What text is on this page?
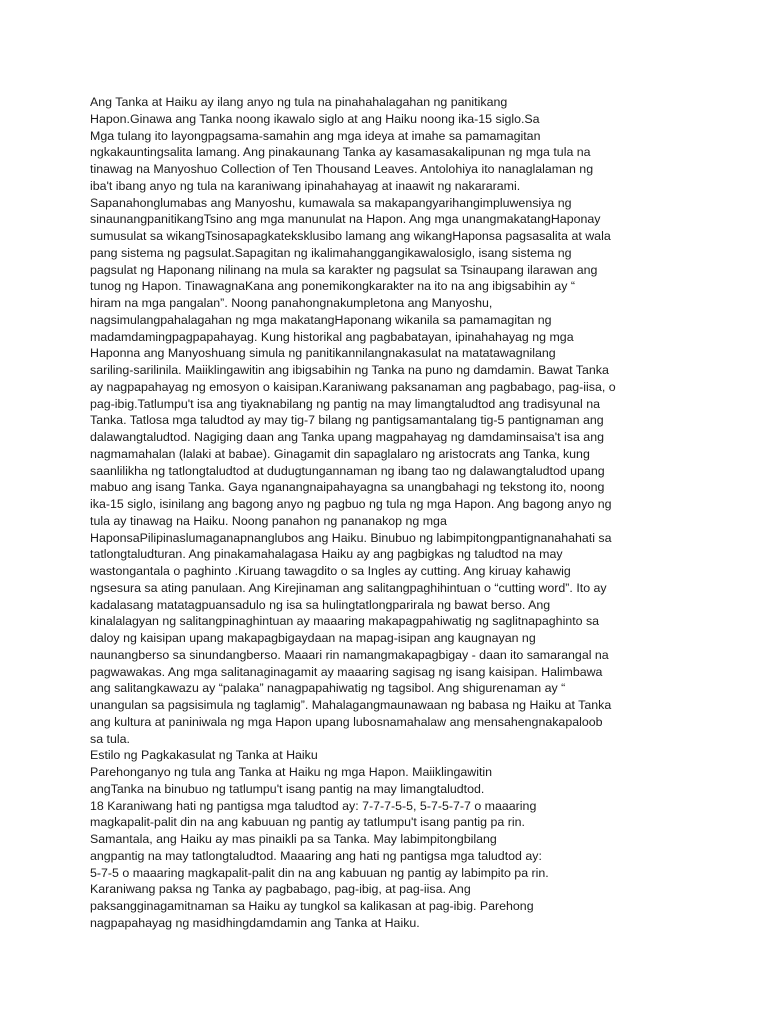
Ang Tanka at Haiku ay ilang anyo ng tula na pinahahalagahan ng panitikang
Hapon.Ginawa ang Tanka noong ikawalo siglo at ang Haiku noong ika-15 siglo.Sa
Mga tulang ito layongpagsama-samahin ang mga ideya at imahe sa pamamagitan
ngkakauntingsalita lamang. Ang pinakaunang Tanka ay kasamasakalipunan ng mga tula na
tinawag na Manyoshuo Collection of Ten Thousand Leaves. Antolohiya ito nanaglalaman ng
iba't ibang anyo ng tula na karaniwang ipinahahayag at inaawit ng nakararami.
Sapanahonglumabas ang Manyoshu, kumawala sa makapangyarihangimpluwensiya ng
sinaunangpanitikangTsino ang mga manunulat na Hapon. Ang mga unangmakatangHaponay
sumusulat sa wikangTsinosapagkateksklusibo lamang ang wikangHaponsa pagsasalita at wala
pang sistema ng pagsulat.Sapagitan ng ikalimahanggangikawalosiglo, isang sistema ng
pagsulat ng Haponang nilinang na mula sa karakter ng pagsulat sa Tsinaupang ilarawan ang
tunog ng Hapon. TinawagnaKana ang ponemikongkarakter na ito na ang ibigsabihin ay “
hiram na mga pangalan”. Noong panahongnakumpletona ang Manyoshu,
nagsimulangpahalagahan ng mga makatangHaponang wikanila sa pamamagitan ng
madamdamingpagpapahayag. Kung historikal ang pagbabatayan, ipinahahayag ng mga
Haponna ang Manyoshuang simula ng panitikannilangnakasulat na matatawagnilang
sariling-sarilinila. Maiiklingawitin ang ibigsabihin ng Tanka na puno ng damdamin. Bawat Tanka
ay nagpapahayag ng emosyon o kaisipan.Karaniwang paksanaman ang pagbabago, pag-iisa, o
pag-ibig.Tatlumpu't isa ang tiyaknabilang ng pantig na may limangtaludtod ang tradisyunal na
Tanka. Tatlosa mga taludtod ay may tig-7 bilang ng pantigsamantalang tig-5 pantignaman ang
dalawangtaludtod. Nagiging daan ang Tanka upang magpahayag ng damdaminsaisa't isa ang
nagmamahalan (lalaki at babae). Ginagamit din sapaglalaro ng aristocrats ang Tanka, kung
saanlilikha ng tatlongtaludtod at dudugtungannaman ng ibang tao ng dalawangtaludtod upang
mabuo ang isang Tanka. Gaya nganangnaipahayagna sa unangbahagi ng tekstong ito, noong
ika-15 siglo, isinilang ang bagong anyo ng pagbuo ng tula ng mga Hapon. Ang bagong anyo ng
tula ay tinawag na Haiku. Noong panahon ng pananakop ng mga
HaponsaPilipinaslumaganapnanglubos ang Haiku. Binubuo ng labimpitongpantignanahahati sa
tatlongtaludturan. Ang pinakamahalagasa Haiku ay ang pagbigkas ng taludtod na may
wastongantala o paghinto .Kiruang tawagdito o sa Ingles ay cutting. Ang kiruay kahawig
ngsesura sa ating panulaan. Ang Kirejinaman ang salitangpaghihintuan o “cutting word”. Ito ay
kadalasang matatagpuansadulo ng isa sa hulingtatlongparirala ng bawat berso. Ang
kinalalagyan ng salitangpinaghintuan ay maaaring makapagpahiwatig ng saglitnapaghinto sa
daloy ng kaisipan upang makapagbigaydaan na mapag-isipan ang kaugnayan ng
naunangberso sa sinundangberso. Maaari rin namangmakapagbigay - daan ito samarangal na
pagwawakas. Ang mga salitanaginagamit ay maaaring sagisag ng isang kaisipan. Halimbawa
ang salitangkawazu ay “palaka” nanagpapahiwatig ng tagsibol. Ang shigurenaman ay “
unangulan sa pagsisimula ng taglamig”. Mahalagangmaunawaan ng babasa ng Haiku at Tanka
ang kultura at paniniwala ng mga Hapon upang lubosnamahalaw ang mensahengnakapaloob
sa tula.
Estilo ng Pagkakasulat ng Tanka at Haiku
Parehonganyo ng tula ang Tanka at Haiku ng mga Hapon. Maiiklingawitin
angTanka na binubuo ng tatlumpu't isang pantig na may limangtaludtod.
18 Karaniwang hati ng pantigsa mga taludtod ay: 7-7-7-5-5, 5-7-5-7-7 o maaaring
magkapalit-palit din na ang kabuuan ng pantig ay tatlumpu't isang pantig pa rin.
Samantala, ang Haiku ay mas pinaikli pa sa Tanka. May labimpitongbilang
angpantig na may tatlongtaludtod. Maaaring ang hati ng pantigsa mga taludtod ay:
5-7-5 o maaaring magkapalit-palit din na ang kabuuan ng pantig ay labimpito pa rin.
Karaniwang paksa ng Tanka ay pagbabago, pag-ibig, at pag-iisa. Ang
paksangginagamitnaman sa Haiku ay tungkol sa kalikasan at pag-ibig. Parehong
nagpapahayag ng masidhingdamdamin ang Tanka at Haiku.
